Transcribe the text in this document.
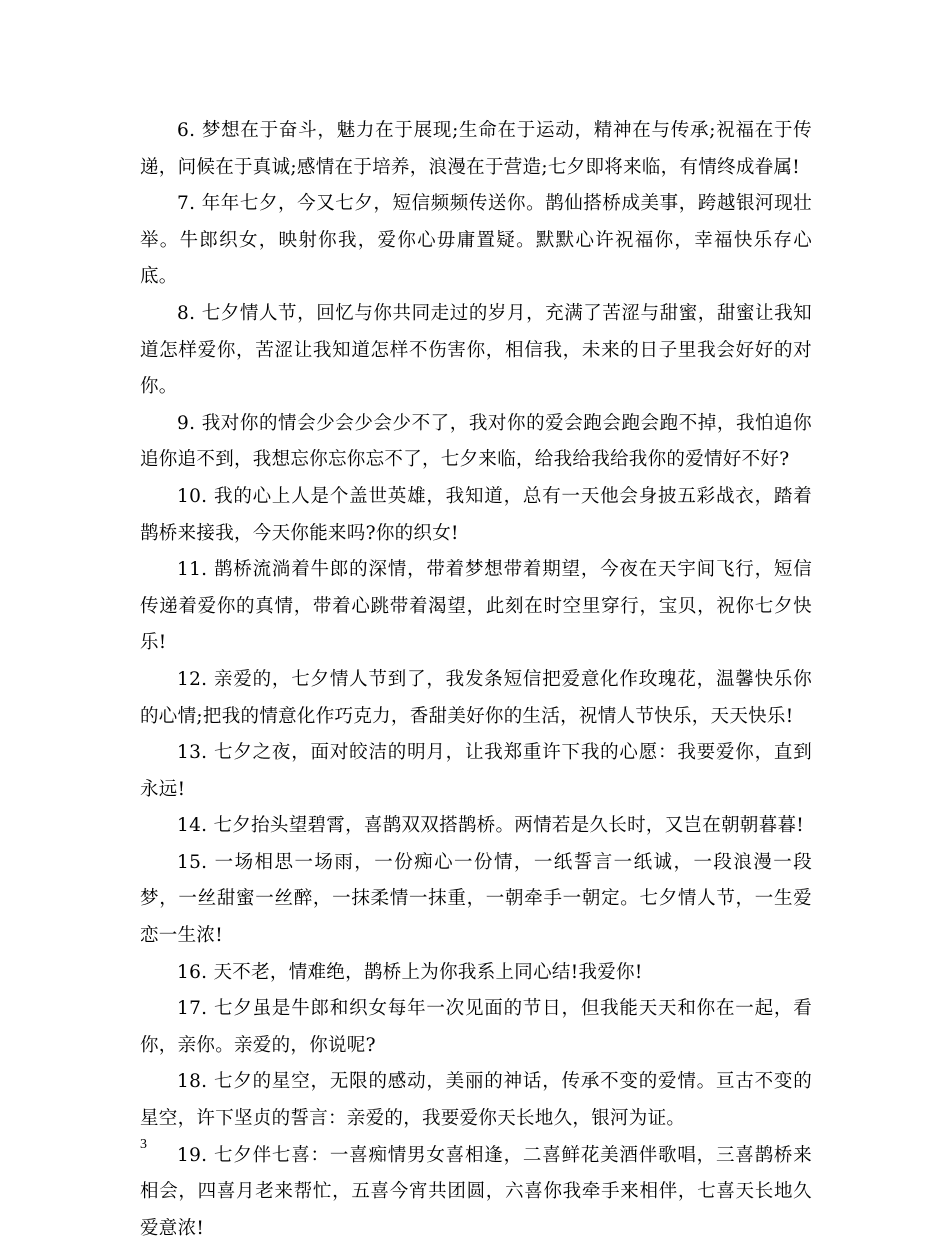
6. 梦想在于奋斗，魅力在于展现;生命在于运动，精神在与传承;祝福在于传递，问候在于真诚;感情在于培养，浪漫在于营造;七夕即将来临，有情终成眷属!

7. 年年七夕，今又七夕，短信频频传送你。鹊仙搭桥成美事，跨越银河现壮举。牛郎织女，映射你我，爱你心毋庸置疑。默默心许祝福你，幸福快乐存心底。

8. 七夕情人节，回忆与你共同走过的岁月，充满了苦涩与甜蜜，甜蜜让我知道怎样爱你，苦涩让我知道怎样不伤害你，相信我，未来的日子里我会好好的对你。

9. 我对你的情会少会少会少不了，我对你的爱会跑会跑会跑不掉，我怕追你追你追不到，我想忘你忘你忘不了，七夕来临，给我给我给我你的爱情好不好?

10. 我的心上人是个盖世英雄，我知道，总有一天他会身披五彩战衣，踏着鹊桥来接我，今天你能来吗?你的织女!

11. 鹊桥流淌着牛郎的深情，带着梦想带着期望，今夜在天宇间飞行，短信传递着爱你的真情，带着心跳带着渴望，此刻在时空里穿行，宝贝，祝你七夕快乐!

12. 亲爱的，七夕情人节到了，我发条短信把爱意化作玫瑰花，温馨快乐你的心情;把我的情意化作巧克力，香甜美好你的生活，祝情人节快乐，天天快乐!

13. 七夕之夜，面对皎洁的明月，让我郑重许下我的心愿：我要爱你，直到永远!

14. 七夕抬头望碧霄，喜鹊双双搭鹊桥。两情若是久长时，又岂在朝朝暮暮!

15. 一场相思一场雨，一份痴心一份情，一纸誓言一纸诚，一段浪漫一段梦，一丝甜蜜一丝醉，一抹柔情一抹重，一朝牵手一朝定。七夕情人节，一生爱恋一生浓!

16. 天不老，情难绝，鹊桥上为你我系上同心结!我爱你!

17. 七夕虽是牛郎和织女每年一次见面的节日，但我能天天和你在一起，看你，亲你。亲爱的，你说呢?

18. 七夕的星空，无限的感动，美丽的神话，传承不变的爱情。亘古不变的星空，许下坚贞的誓言：亲爱的，我要爱你天长地久，银河为证。

19. 七夕伴七喜：一喜痴情男女喜相逢，二喜鲜花美酒伴歌唱，三喜鹊桥来相会，四喜月老来帮忙，五喜今宵共团圆，六喜你我牵手来相伴，七喜天长地久爱意浓!

3
